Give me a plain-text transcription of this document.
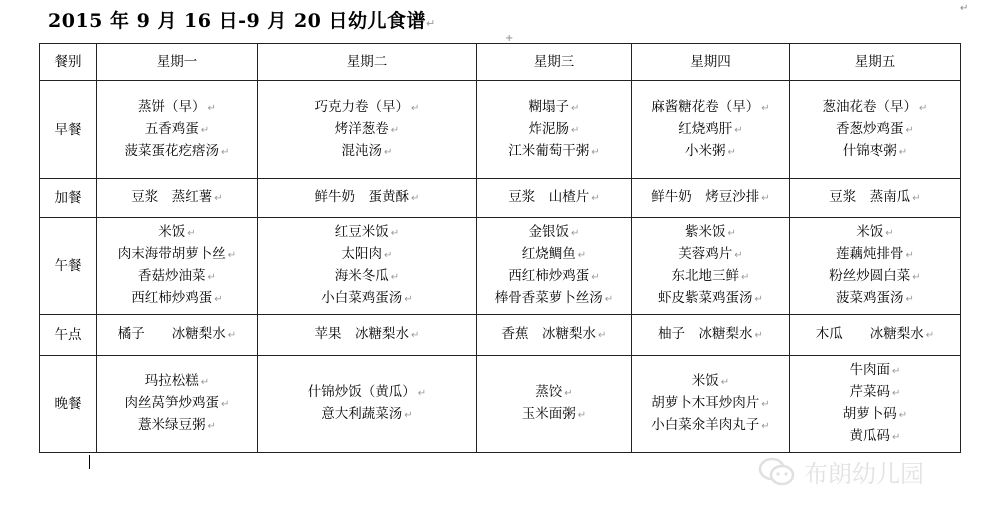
2015 年 9 月 16 日-9 月 20 日幼儿食谱↵
↵
+
餐别	星期一	星期二	星期三	星期四	星期五
早餐	蒸饼（早） ↵
五香鸡蛋 ↵
菠菜蛋花疙瘩汤 ↵	巧克力卷（早） ↵
烤洋葱卷 ↵
混沌汤 ↵	糊塌子 ↵
炸泥肠 ↵
江米葡萄干粥 ↵	麻酱糖花卷（早） ↵
红烧鸡肝 ↵
小米粥 ↵	葱油花卷（早） ↵
香葱炒鸡蛋 ↵
什锦枣粥 ↵

加餐	豆浆　蒸红薯 ↵	鲜牛奶　蛋黄酥 ↵	豆浆　山楂片 ↵	鲜牛奶　烤豆沙排 ↵	豆浆　蒸南瓜 ↵

午餐	米饭 ↵
肉末海带胡萝卜丝 ↵
香菇炒油菜 ↵
西红柿炒鸡蛋 ↵	红豆米饭 ↵
太阳肉 ↵
海米冬瓜 ↵
小白菜鸡蛋汤 ↵	金银饭 ↵
红烧鲷鱼 ↵
西红柿炒鸡蛋 ↵
棒骨香菜萝卜丝汤 ↵	紫米饭 ↵
芙蓉鸡片 ↵
东北地三鲜 ↵
虾皮紫菜鸡蛋汤 ↵	米饭 ↵
莲藕炖排骨 ↵
粉丝炒圆白菜 ↵
菠菜鸡蛋汤 ↵

午点	橘子　　冰糖梨水 ↵	苹果　冰糖梨水 ↵	香蕉　冰糖梨水 ↵	柚子　冰糖梨水 ↵	木瓜　　冰糖梨水 ↵

晚餐	玛拉松糕 ↵
肉丝莴笋炒鸡蛋 ↵
薏米绿豆粥 ↵	什锦炒饭（黄瓜） ↵
意大利蔬菜汤 ↵	蒸饺 ↵
玉米面粥 ↵	米饭 ↵
胡萝卜木耳炒肉片 ↵
小白菜氽羊肉丸子 ↵	牛肉面 ↵
芹菜码 ↵
胡萝卜码 ↵
黄瓜码 ↵
布朗幼儿园
